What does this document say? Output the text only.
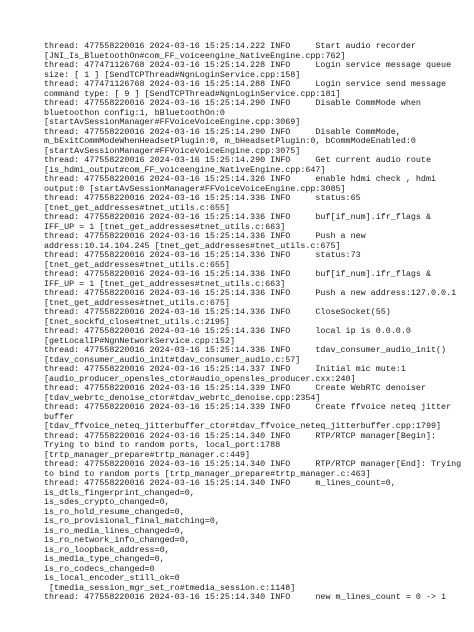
thread: 477558220016 2024-03-16 15:25:14.222 INFO     Start audio recorder
[JNI_Is_BluetoothOn#com_FF_voiceengine_NativeEngine.cpp:762]
thread: 477471126768 2024-03-16 15:25:14.228 INFO     Login service message queue
size: [ 1 ] [SendTCPThread#NgnLoginService.cpp:158]
thread: 477471126768 2024-03-16 15:25:14.288 INFO     Login service send message
command type: [ 9 ] [SendTCPThread#NgnLoginService.cpp:181]
thread: 477558220016 2024-03-16 15:25:14.290 INFO     Disable CommMode when
bluetoothon config:1, bBluetoothOn:0
[startAvSessionManager#FFVoiceVoiceEngine.cpp:3069]
thread: 477558220016 2024-03-16 15:25:14.290 INFO     Disable CommMode,
m_bExitCommModeWhenHeadsetPlugin:0, m_bHeadsetPlugin:0, bCommModeEnabled:0
[startAvSessionManager#FFVoiceVoiceEngine.cpp:3075]
thread: 477558220016 2024-03-16 15:25:14.290 INFO     Get current audio route
[is_hdmi_output#com_FF_voiceengine_NativeEngine.cpp:647]
thread: 477558220016 2024-03-16 15:25:14.326 INFO     enable hdmi check , hdmi
output:0 [startAvSessionManager#FFVoiceVoiceEngine.cpp:3085]
thread: 477558220016 2024-03-16 15:25:14.336 INFO     status:65
[tnet_get_addresses#tnet_utils.c:655]
thread: 477558220016 2024-03-16 15:25:14.336 INFO     buf[if_num].ifr_flags &
IFF_UP = 1 [tnet_get_addresses#tnet_utils.c:663]
thread: 477558220016 2024-03-16 15:25:14.336 INFO     Push a new
address:10.14.104.245 [tnet_get_addresses#tnet_utils.c:675]
thread: 477558220016 2024-03-16 15:25:14.336 INFO     status:73
[tnet_get_addresses#tnet_utils.c:655]
thread: 477558220016 2024-03-16 15:25:14.336 INFO     buf[if_num].ifr_flags &
IFF_UP = 1 [tnet_get_addresses#tnet_utils.c:663]
thread: 477558220016 2024-03-16 15:25:14.336 INFO     Push a new address:127.0.0.1
[tnet_get_addresses#tnet_utils.c:675]
thread: 477558220016 2024-03-16 15:25:14.336 INFO     CloseSocket(55)
[tnet_sockfd_close#tnet_utils.c:2195]
thread: 477558220016 2024-03-16 15:25:14.336 INFO     local ip is 0.0.0.0
[getLocalIP#NgnNetworkService.cpp:152]
thread: 477558220016 2024-03-16 15:25:14.336 INFO     tdav_consumer_audio_init()
[tdav_consumer_audio_init#tdav_consumer_audio.c:57]
thread: 477558220016 2024-03-16 15:25:14.337 INFO     Initial mic mute:1
[audio_producer_opensles_ctor#audio_opensles_producer.cxx:240]
thread: 477558220016 2024-03-16 15:25:14.339 INFO     Create WebRTC denoiser
[tdav_webrtc_denoise_ctor#tdav_webrtc_denoise.cpp:2354]
thread: 477558220016 2024-03-16 15:25:14.339 INFO     Create ffvoice neteq jitter
buffer
[tdav_ffvoice_neteq_jitterbuffer_ctor#tdav_ffvoice_neteq_jitterbuffer.cpp:1799]
thread: 477558220016 2024-03-16 15:25:14.340 INFO     RTP/RTCP manager[Begin]:
Trying to bind to random ports, local_port:1788
[trtp_manager_prepare#trtp_manager.c:449]
thread: 477558220016 2024-03-16 15:25:14.340 INFO     RTP/RTCP manager[End]: Trying
to bind to random ports [trtp_manager_prepare#trtp_manager.c:463]
thread: 477558220016 2024-03-16 15:25:14.340 INFO     m_lines_count=0,
is_dtls_fingerprint_changed=0,
is_sdes_crypto_changed=0,
is_ro_hold_resume_changed=0,
is_ro_provisional_final_matching=0,
is_ro_media_lines_changed=0,
is_ro_network_info_changed=0,
is_ro_loopback_address=0,
is_media_type_changed=0,
is_ro_codecs_changed=0
is_local_encoder_still_ok=0
[tmedia_session_mgr_set_ro#tmedia_session.c:1148]
thread: 477558220016 2024-03-16 15:25:14.340 INFO     new m_lines_count = 0 -> 1
